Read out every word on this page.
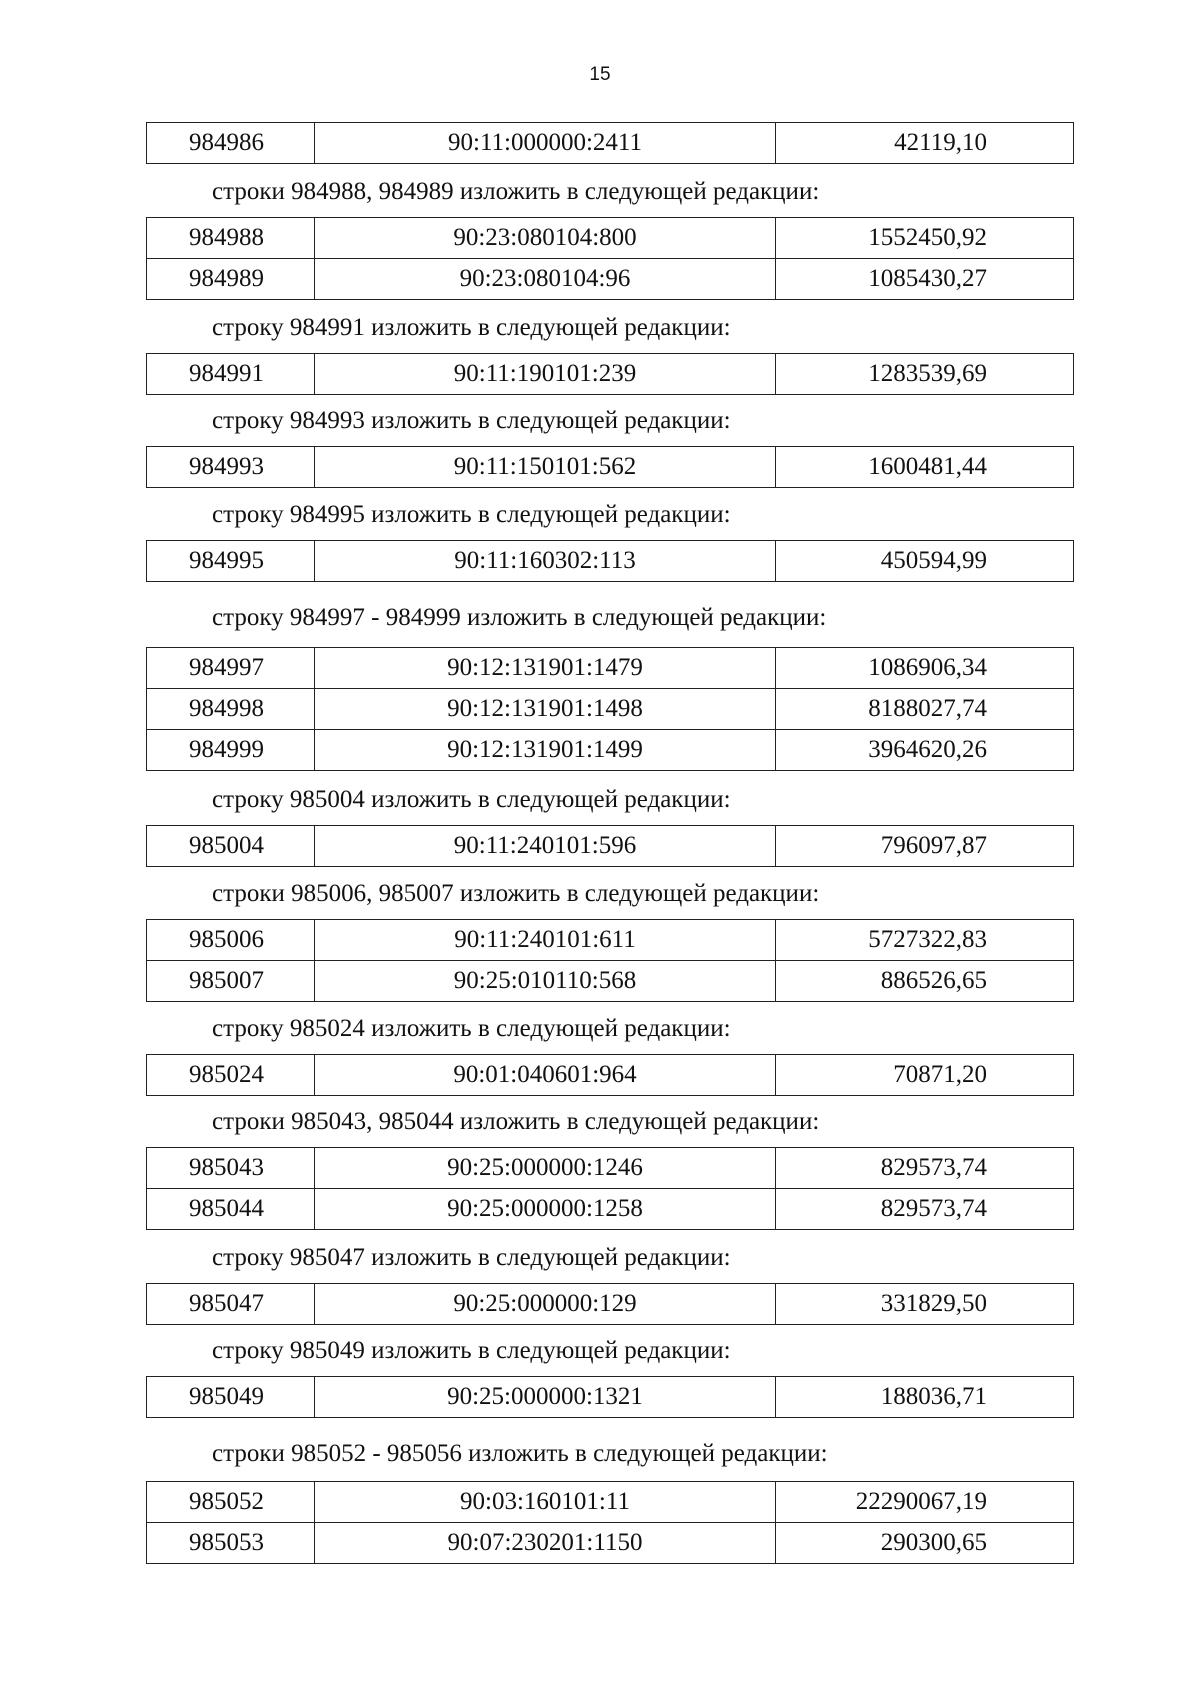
15
984986	90:11:000000:2411	42119,10
строки 984988, 984989 изложить в следующей редакции:
984988	90:23:080104:800	1552450,92
984989	90:23:080104:96	1085430,27
строку 984991 изложить в следующей редакции:
984991	90:11:190101:239	1283539,69
строку 984993 изложить в следующей редакции:
984993	90:11:150101:562	1600481,44
строку 984995 изложить в следующей редакции:
984995	90:11:160302:113	450594,99
строку 984997 - 984999 изложить в следующей редакции:
984997	90:12:131901:1479	1086906,34
984998	90:12:131901:1498	8188027,74
984999	90:12:131901:1499	3964620,26
строку 985004 изложить в следующей редакции:
985004	90:11:240101:596	796097,87
строки 985006, 985007 изложить в следующей редакции:
985006	90:11:240101:611	5727322,83
985007	90:25:010110:568	886526,65
строку 985024 изложить в следующей редакции:
985024	90:01:040601:964	70871,20
строки 985043, 985044 изложить в следующей редакции:
985043	90:25:000000:1246	829573,74
985044	90:25:000000:1258	829573,74
строку 985047 изложить в следующей редакции:
985047	90:25:000000:129	331829,50
строку 985049 изложить в следующей редакции:
985049	90:25:000000:1321	188036,71
строки 985052 - 985056 изложить в следующей редакции:
985052	90:03:160101:11	22290067,19
985053	90:07:230201:1150	290300,65
